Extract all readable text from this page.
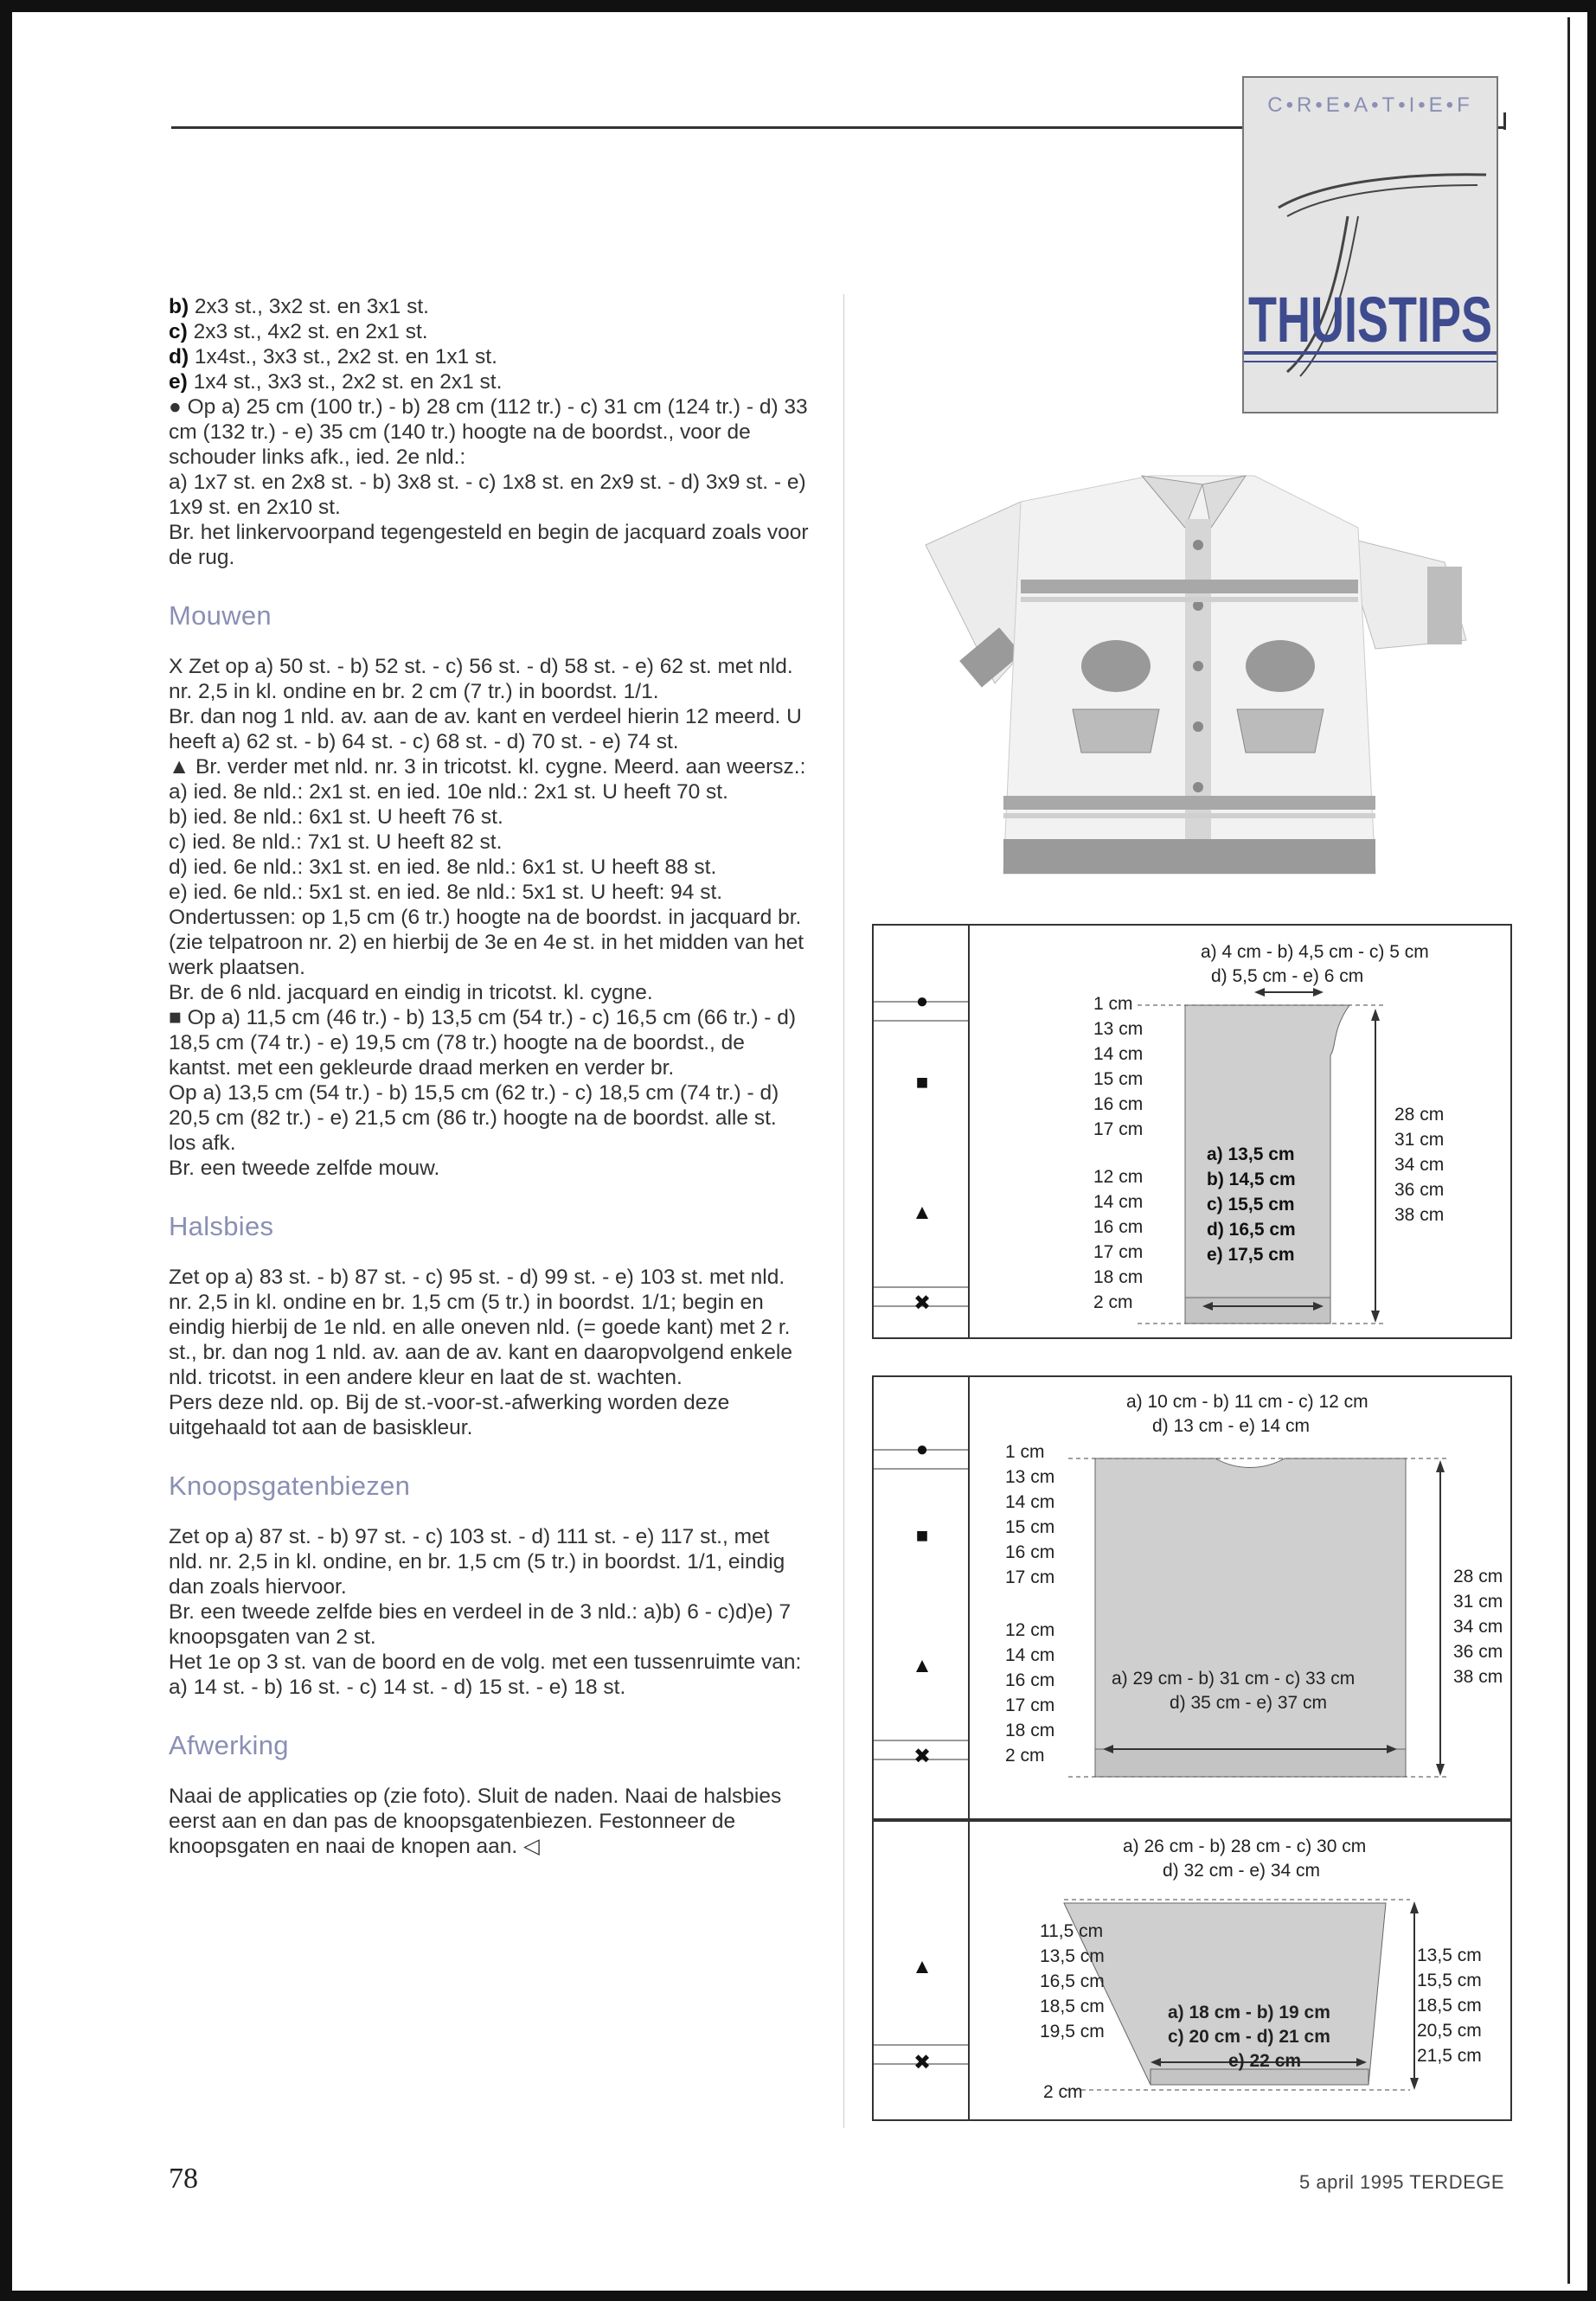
C•R•E•A•T•I•E•F
THUISTIPS

b) 2x3 st., 3x2 st. en 3x1 st.

c) 2x3 st., 4x2 st. en 2x1 st.

d) 1x4st., 3x3 st., 2x2 st. en 1x1 st.

e) 1x4 st., 3x3 st., 2x2 st. en 2x1 st.

● Op a) 25 cm (100 tr.) - b) 28 cm (112 tr.) - c) 31 cm (124 tr.) - d) 33 cm (132 tr.) - e) 35 cm (140 tr.) hoogte na de boordst., voor de schouder links afk., ied. 2e nld.:

a) 1x7 st. en 2x8 st. - b) 3x8 st. - c) 1x8 st. en 2x9 st. - d) 3x9 st. - e) 1x9 st. en 2x10 st.

Br. het linkervoorpand tegengesteld en begin de jacquard zoals voor de rug.

Mouwen

X Zet op a) 50 st. - b) 52 st. - c) 56 st. - d) 58 st. - e) 62 st. met nld. nr. 2,5 in kl. ondine en br. 2 cm (7 tr.) in boordst. 1/1.

Br. dan nog 1 nld. av. aan de av. kant en verdeel hierin 12 meerd. U heeft a) 62 st. - b) 64 st. - c) 68 st. - d) 70 st. - e) 74 st.

▲ Br. verder met nld. nr. 3 in tricotst. kl. cygne. Meerd. aan weersz.:

a) ied. 8e nld.: 2x1 st. en ied. 10e nld.: 2x1 st. U heeft 70 st.

b) ied. 8e nld.: 6x1 st. U heeft 76 st.

c) ied. 8e nld.: 7x1 st. U heeft 82 st.

d) ied. 6e nld.: 3x1 st. en ied. 8e nld.: 6x1 st. U heeft 88 st.

e) ied. 6e nld.: 5x1 st. en ied. 8e nld.: 5x1 st. U heeft: 94 st.

Ondertussen: op 1,5 cm (6 tr.) hoogte na de boordst. in jacquard br. (zie telpatroon nr. 2) en hierbij de 3e en 4e st. in het midden van het werk plaatsen.

Br. de 6 nld. jacquard en eindig in tricotst. kl. cygne.

■ Op a) 11,5 cm (46 tr.) - b) 13,5 cm (54 tr.) - c) 16,5 cm (66 tr.) - d) 18,5 cm (74 tr.) - e) 19,5 cm (78 tr.) hoogte na de boordst., de kantst. met een gekleurde draad merken en verder br.

Op a) 13,5 cm (54 tr.) - b) 15,5 cm (62 tr.) - c) 18,5 cm (74 tr.) - d) 20,5 cm (82 tr.) - e) 21,5 cm (86 tr.) hoogte na de boordst. alle st. los afk.

Br. een tweede zelfde mouw.

Halsbies

Zet op a) 83 st. - b) 87 st. - c) 95 st. - d) 99 st. - e) 103 st. met nld. nr. 2,5 in kl. ondine en br. 1,5 cm (5 tr.) in boordst. 1/1; begin en eindig hierbij de 1e nld. en alle oneven nld. (= goede kant) met 2 r. st., br. dan nog 1 nld. av. aan de av. kant en daaropvolgend enkele nld. tricotst. in een andere kleur en laat de st. wachten.

Pers deze nld. op. Bij de st.-voor-st.-afwerking worden deze uitgehaald tot aan de basiskleur.

Knoopsgatenbiezen

Zet op a) 87 st. - b) 97 st. - c) 103 st. - d) 111 st. - e) 117 st., met nld. nr. 2,5 in kl. ondine, en br. 1,5 cm (5 tr.) in boordst. 1/1, eindig dan zoals hiervoor.

Br. een tweede zelfde bies en verdeel in de 3 nld.: a)b) 6 - c)d)e) 7 knoopsgaten van 2 st.

Het 1e op 3 st. van de boord en de volg. met een tussenruimte van: a) 14 st. - b) 16 st. - c) 14 st. - d) 15 st. - e) 18 st.

Afwerking

Naai de applicaties op (zie foto). Sluit de naden. Naai de halsbies eerst aan en dan pas de knoopsgatenbiezen. Festonneer de knoopsgaten en naai de knopen aan. ◁

●
■
▲
✖
a) 4 cm - b) 4,5 cm - c) 5 cm
d) 5,5 cm - e) 6 cm
1 cm
13 cm
14 cm
15 cm
16 cm
17 cm
12 cm
14 cm
16 cm
17 cm
18 cm
2 cm
28 cm
31 cm
34 cm
36 cm
38 cm
a) 13,5 cm
b) 14,5 cm
c) 15,5 cm
d) 16,5 cm
e) 17,5 cm
●
■
▲
✖
a) 10 cm - b) 11 cm - c) 12 cm
d) 13 cm - e) 14 cm
1 cm
13 cm
14 cm
15 cm
16 cm
17 cm
12 cm
14 cm
16 cm
17 cm
18 cm
2 cm
28 cm
31 cm
34 cm
36 cm
38 cm
a) 29 cm - b) 31 cm - c) 33 cm
d) 35 cm - e) 37 cm
▲
✖
a) 26 cm - b) 28 cm - c) 30 cm
d) 32 cm - e) 34 cm
11,5 cm
13,5 cm
16,5 cm
18,5 cm
19,5 cm
2 cm
13,5 cm
15,5 cm
18,5 cm
20,5 cm
21,5 cm
a) 18 cm - b) 19 cm
c) 20 cm - d) 21 cm
e) 22 cm
78	5 april 1995 TERDEGE
